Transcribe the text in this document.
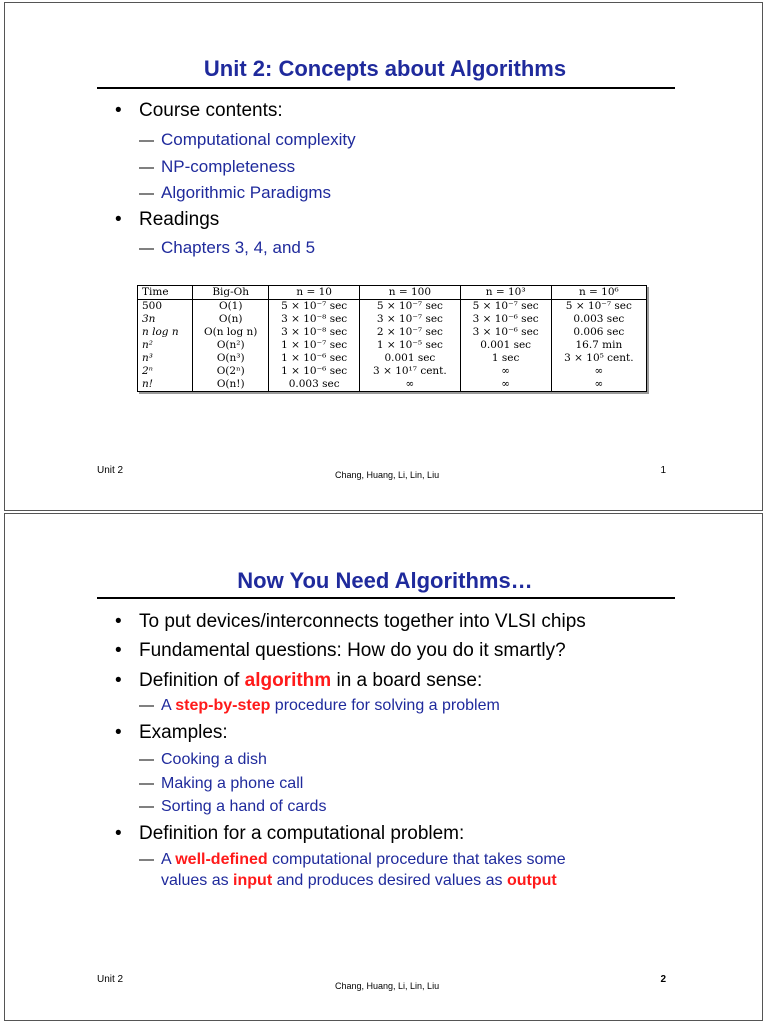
Unit 2: Concepts about Algorithms
• Course contents:
— Computational complexity
— NP-completeness
— Algorithmic Paradigms
• Readings
— Chapters 3, 4, and 5
Time	Big-Oh	n = 10	n = 100	n = 10³	n = 10⁶
500	O(1)	5 × 10⁻⁷ sec	5 × 10⁻⁷ sec	5 × 10⁻⁷ sec	5 × 10⁻⁷ sec
3n	O(n)	3 × 10⁻⁸ sec	3 × 10⁻⁷ sec	3 × 10⁻⁶ sec	0.003 sec
n log n	O(n log n)	3 × 10⁻⁸ sec	2 × 10⁻⁷ sec	3 × 10⁻⁶ sec	0.006 sec
n²	O(n²)	1 × 10⁻⁷ sec	1 × 10⁻⁵ sec	0.001 sec	16.7 min
n³	O(n³)	1 × 10⁻⁶ sec	0.001 sec	1 sec	3 × 10⁵ cent.
2ⁿ	O(2ⁿ)	1 × 10⁻⁶ sec	3 × 10¹⁷ cent.	∞	∞
n!	O(n!)	0.003 sec	∞	∞	∞
Unit 2	Chang, Huang, Li, Lin, Liu	1
Now You Need Algorithms…
• To put devices/interconnects together into VLSI chips
• Fundamental questions: How do you do it smartly?
• Definition of algorithm in a board sense:
— A step-by-step procedure for solving a problem
• Examples:
— Cooking a dish
— Making a phone call
— Sorting a hand of cards
• Definition for a computational problem:
— A well-defined computational procedure that takes some
values as input and produces desired values as output
Unit 2
Chang, Huang, Li, Lin, Liu
2
